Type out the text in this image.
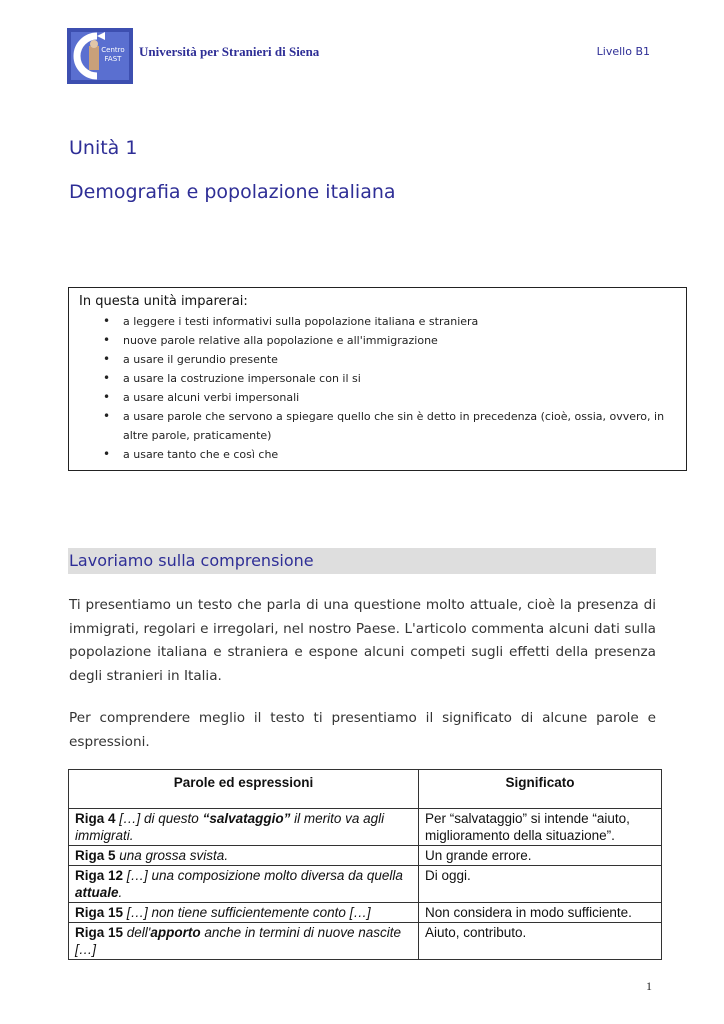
Centro
FAST Università per Stranieri di Siena	Livello B1
Unità 1
Demografia e popolazione italiana
In questa unità imparerai:
• a leggere i testi informativi sulla popolazione italiana e straniera
• nuove parole relative alla popolazione e all'immigrazione
• a usare il gerundio presente
• a usare la costruzione impersonale con il si
• a usare alcuni verbi impersonali
• a usare parole che servono a spiegare quello che sin è detto in precedenza (cioè, ossia, ovvero, in altre parole, praticamente)
• a usare tanto che e così che
Lavoriamo sulla comprensione

Ti presentiamo un testo che parla di una questione molto attuale, cioè la presenza di immigrati, regolari e irregolari, nel nostro Paese. L'articolo commenta alcuni dati sulla popolazione italiana e straniera e espone alcuni competi sugli effetti della presenza degli stranieri in Italia.

Per comprendere meglio il testo ti presentiamo il significato di alcune parole e espressioni.

Parole ed espressioni	Significato
Riga 4 […] di questo “salvataggio” il merito va agli immigrati.	Per “salvataggio” si intende “aiuto, miglioramento della situazione”.
Riga 5 una grossa svista.	Un grande errore.
Riga 12 […] una composizione molto diversa da quella attuale.	Di oggi.
Riga 15 […] non tiene sufficientemente conto […]	Non considera in modo sufficiente.
Riga 15 dell'apporto anche in termini di nuove nascite […]	Aiuto, contributo.
1
